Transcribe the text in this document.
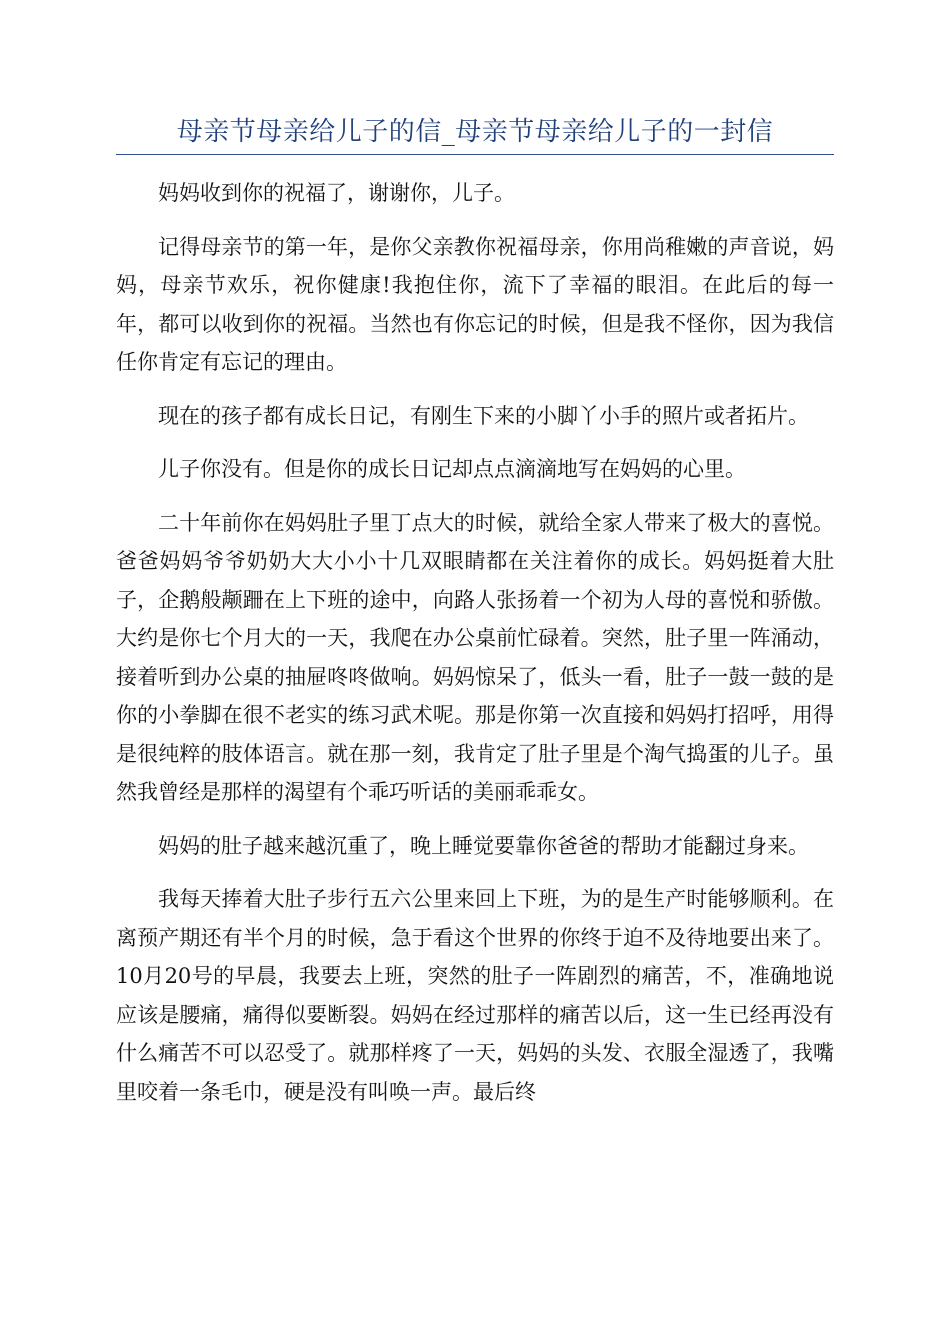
母亲节母亲给儿子的信_母亲节母亲给儿子的一封信

妈妈收到你的祝福了，谢谢你，儿子。

记得母亲节的第一年，是你父亲教你祝福母亲，你用尚稚嫩的声音说，妈妈，母亲节欢乐，祝你健康!我抱住你，流下了幸福的眼泪。在此后的每一年，都可以收到你的祝福。当然也有你忘记的时候，但是我不怪你，因为我信任你肯定有忘记的理由。

现在的孩子都有成长日记，有刚生下来的小脚丫小手的照片或者拓片。

儿子你没有。但是你的成长日记却点点滴滴地写在妈妈的心里。

二十年前你在妈妈肚子里丁点大的时候，就给全家人带来了极大的喜悦。爸爸妈妈爷爷奶奶大大小小十几双眼睛都在关注着你的成长。妈妈挺着大肚子，企鹅般颟跚在上下班的途中，向路人张扬着一个初为人母的喜悦和骄傲。大约是你七个月大的一天，我爬在办公桌前忙碌着。突然，肚子里一阵涌动，接着听到办公桌的抽屉咚咚做响。妈妈惊呆了，低头一看，肚子一鼓一鼓的是你的小拳脚在很不老实的练习武术呢。那是你第一次直接和妈妈打招呼，用得是很纯粹的肢体语言。就在那一刻，我肯定了肚子里是个淘气捣蛋的儿子。虽然我曾经是那样的渴望有个乖巧听话的美丽乖乖女。

妈妈的肚子越来越沉重了，晚上睡觉要靠你爸爸的帮助才能翻过身来。

我每天捧着大肚子步行五六公里来回上下班，为的是生产时能够顺利。在离预产期还有半个月的时候，急于看这个世界的你终于迫不及待地要出来了。10月20号的早晨，我要去上班，突然的肚子一阵剧烈的痛苦，不，准确地说应该是腰痛，痛得似要断裂。妈妈在经过那样的痛苦以后，这一生已经再没有什么痛苦不可以忍受了。就那样疼了一天，妈妈的头发、衣服全湿透了，我嘴里咬着一条毛巾，硬是没有叫唤一声。最后终
